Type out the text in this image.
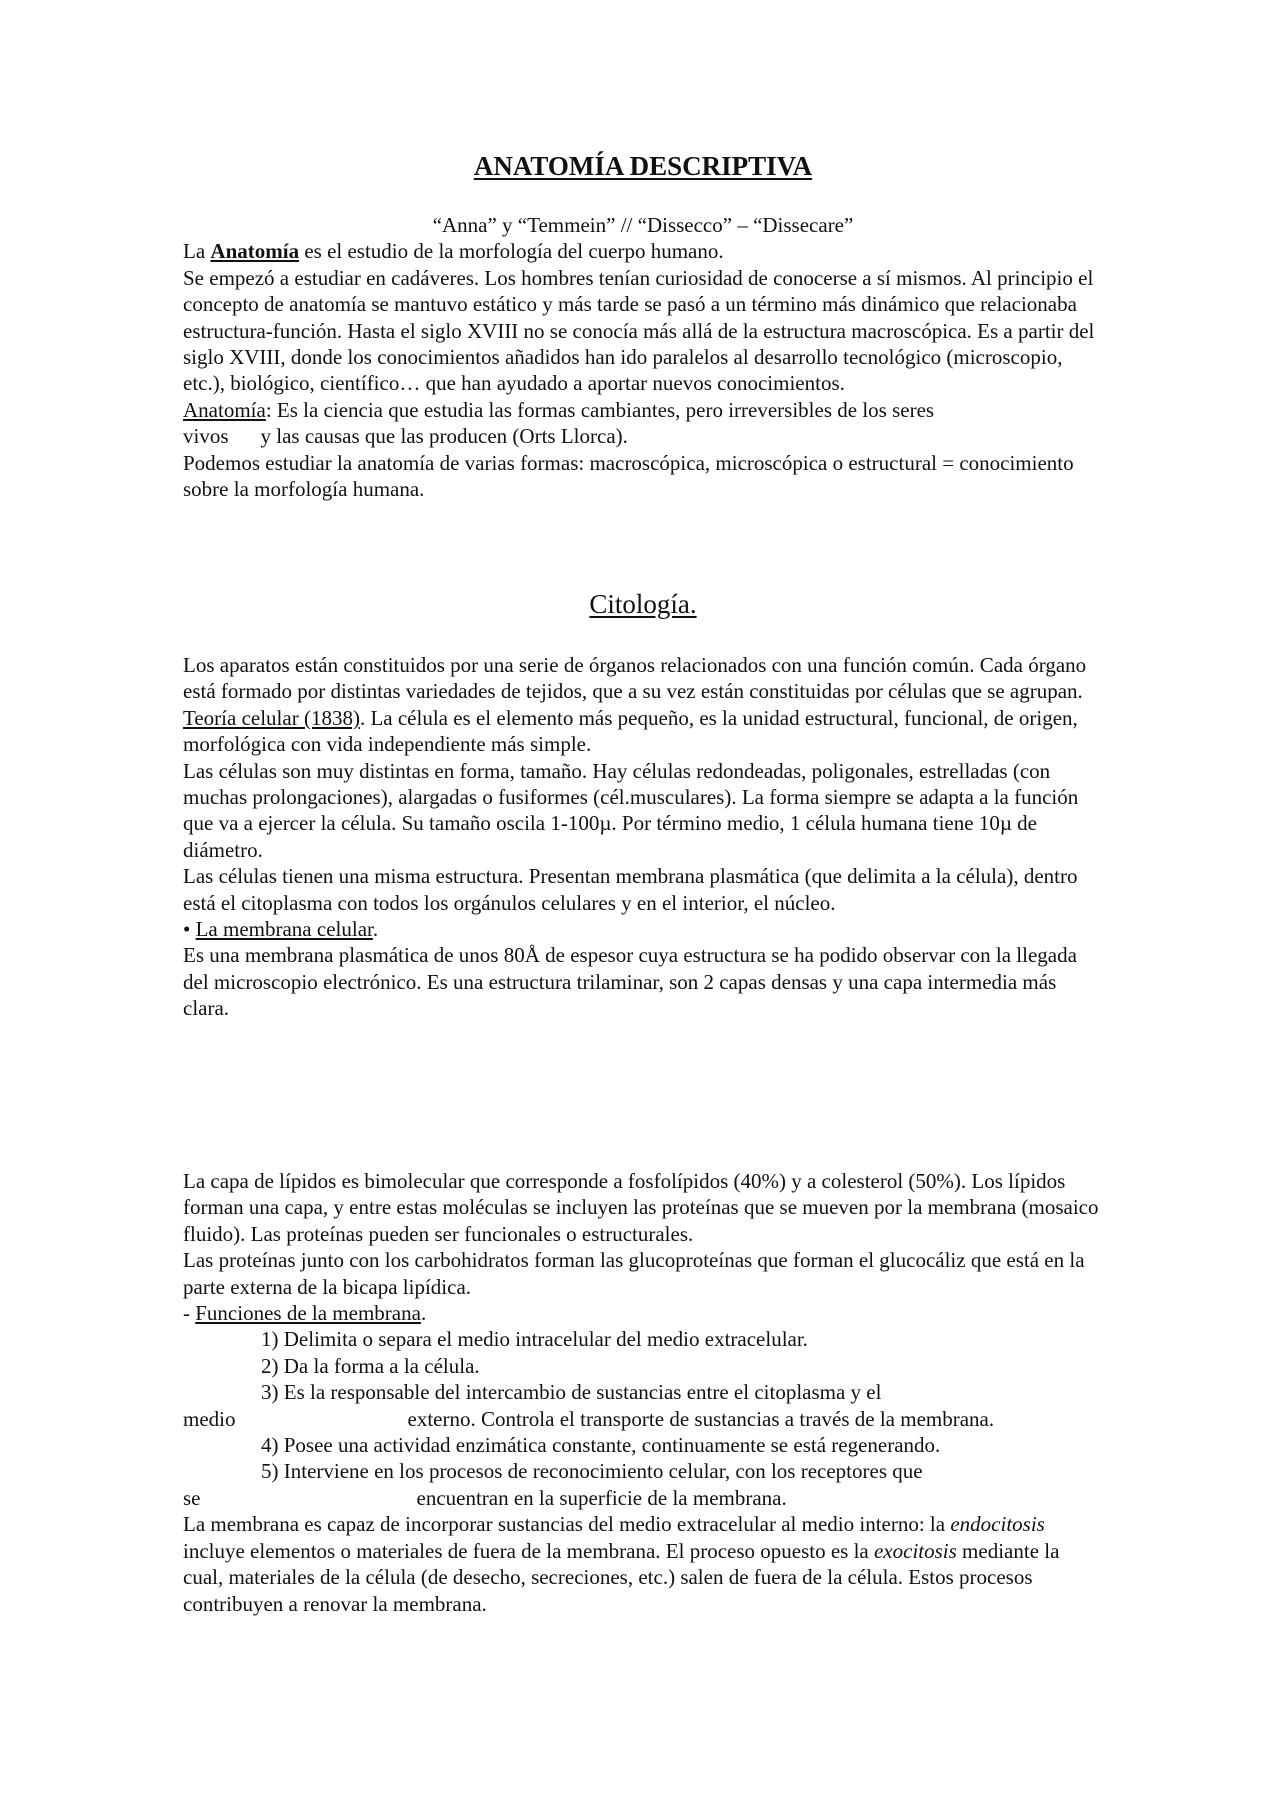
ANATOMÍA DESCRIPTIVA

“Anna” y “Temmein” // “Dissecco” – “Dissecare”

La Anatomía es el estudio de la morfología del cuerpo humano.

Se empezó a estudiar en cadáveres. Los hombres tenían curiosidad de conocerse a sí mismos. Al principio el concepto de anatomía se mantuvo estático y más tarde se pasó a un término más dinámico que relacionaba estructura-función. Hasta el siglo XVIII no se conocía más allá de la estructura macroscópica. Es a partir del siglo XVIII, donde los conocimientos añadidos han ido paralelos al desarrollo tecnológico (microscopio, etc.), biológico, científico… que han ayudado a aportar nuevos conocimientos.

Anatomía: Es la ciencia que estudia las formas cambiantes, pero irreversibles de los seres
vivos y las causas que las producen (Orts Llorca).

Podemos estudiar la anatomía de varias formas: macroscópica, microscópica o estructural = conocimiento sobre la morfología humana.

Citología.

Los aparatos están constituidos por una serie de órganos relacionados con una función común. Cada órgano está formado por distintas variedades de tejidos, que a su vez están constituidas por células que se agrupan.

Teoría celular (1838). La célula es el elemento más pequeño, es la unidad estructural, funcional, de origen, morfológica con vida independiente más simple.

Las células son muy distintas en forma, tamaño. Hay células redondeadas, poligonales, estrelladas (con muchas prolongaciones), alargadas o fusiformes (cél.musculares). La forma siempre se adapta a la función que va a ejercer la célula. Su tamaño oscila 1-100µ. Por término medio, 1 célula humana tiene 10µ de diámetro.

Las células tienen una misma estructura. Presentan membrana plasmática (que delimita a la célula), dentro está el citoplasma con todos los orgánulos celulares y en el interior, el núcleo.

• La membrana celular.

Es una membrana plasmática de unos 80Å de espesor cuya estructura se ha podido observar con la llegada del microscopio electrónico. Es una estructura trilaminar, son 2 capas densas y una capa intermedia más clara.

La capa de lípidos es bimolecular que corresponde a fosfolípidos (40%) y a colesterol (50%). Los lípidos forman una capa, y entre estas moléculas se incluyen las proteínas que se mueven por la membrana (mosaico fluido). Las proteínas pueden ser funcionales o estructurales.

Las proteínas junto con los carbohidratos forman las glucoproteínas que forman el glucocáliz que está en la parte externa de la bicapa lipídica.

- Funciones de la membrana.

1) Delimita o separa el medio intracelular del medio extracelular.

2) Da la forma a la célula.

3) Es la responsable del intercambio de sustancias entre el citoplasma y el

medio	externo. Controla el transporte de sustancias a través de la membrana.

4) Posee una actividad enzimática constante, continuamente se está regenerando.

5) Interviene en los procesos de reconocimiento celular, con los receptores que

se	encuentran en la superficie de la membrana.

La membrana es capaz de incorporar sustancias del medio extracelular al medio interno: la endocitosis incluye elementos o materiales de fuera de la membrana. El proceso opuesto es la exocitosis mediante la cual, materiales de la célula (de desecho, secreciones, etc.) salen de fuera de la célula. Estos procesos contribuyen a renovar la membrana.
